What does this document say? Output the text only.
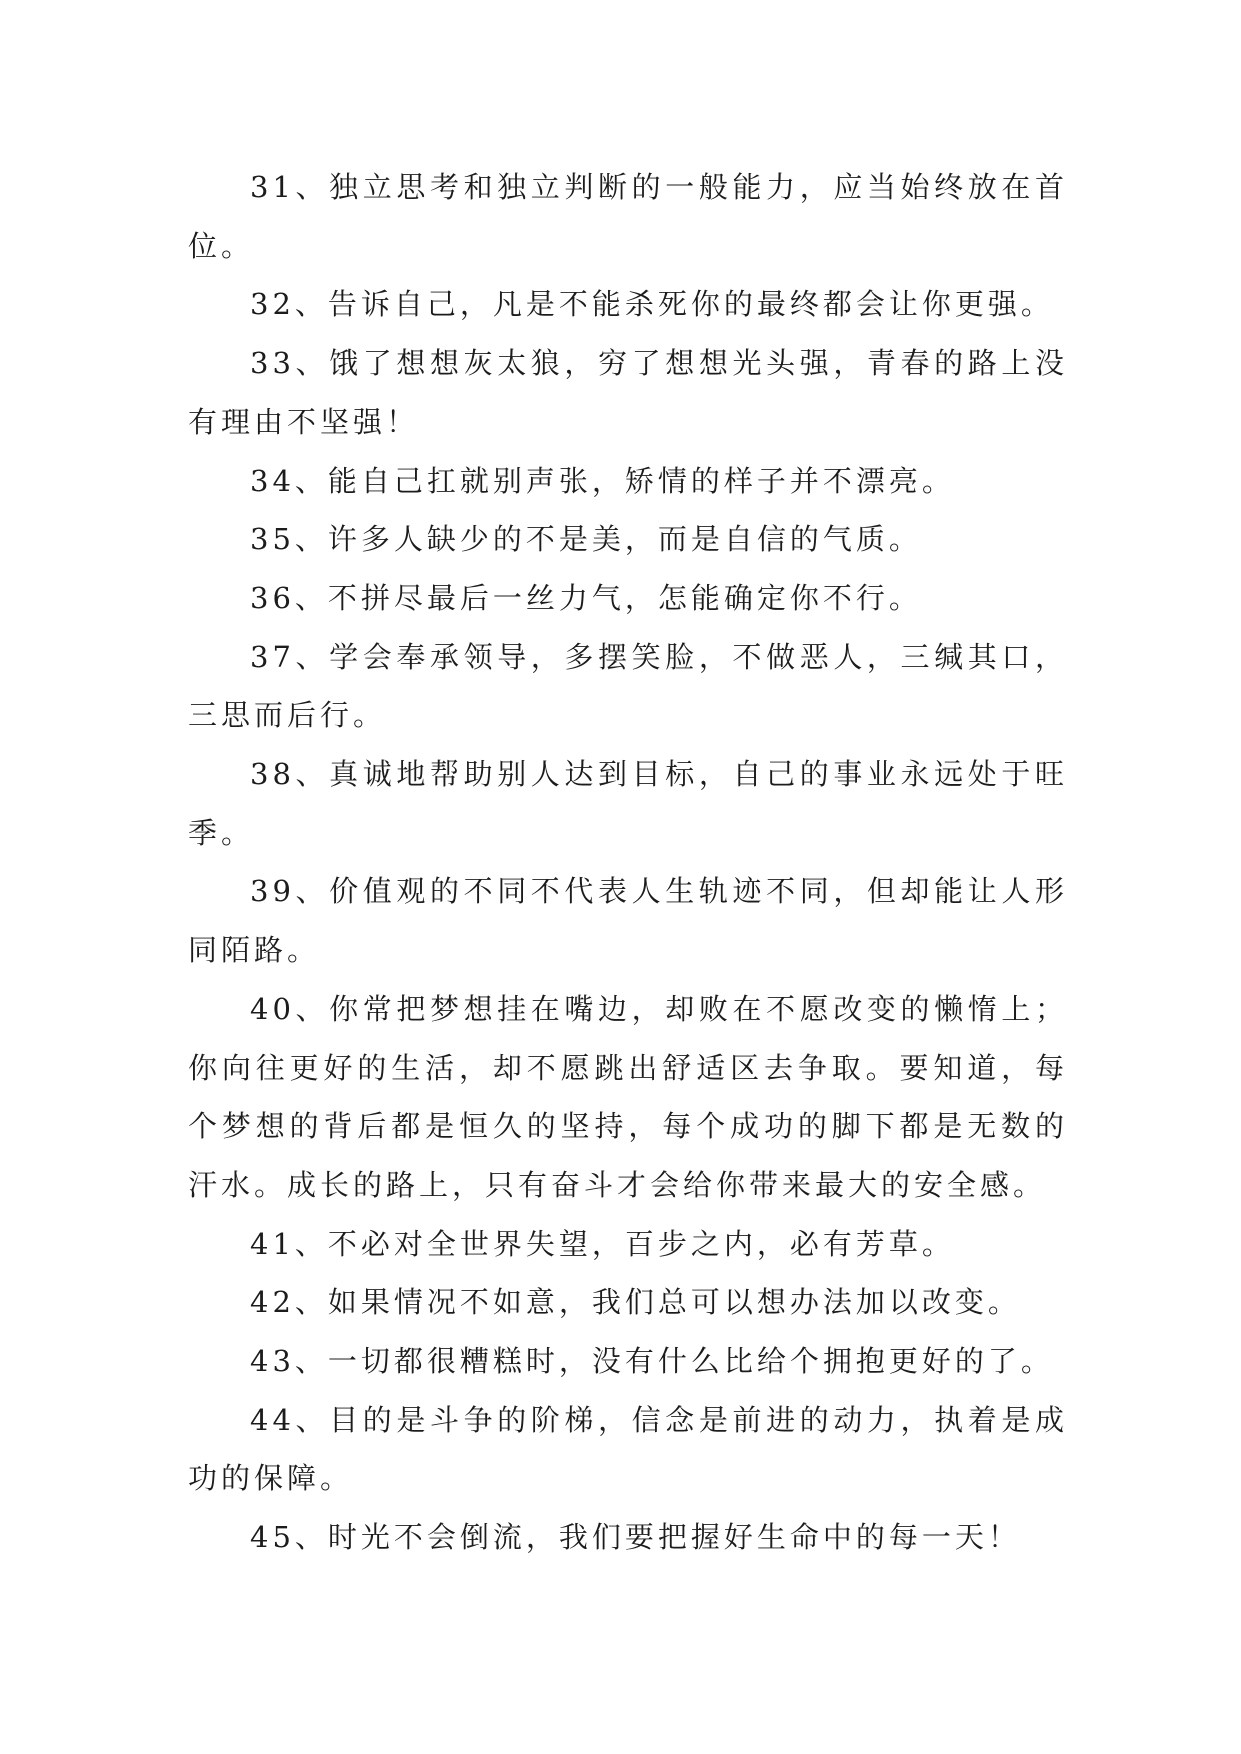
31、独立思考和独立判断的一般能力，应当始终放在首位。

32、告诉自己，凡是不能杀死你的最终都会让你更强。

33、饿了想想灰太狼，穷了想想光头强，青春的路上没有理由不坚强！

34、能自己扛就别声张，矫情的样子并不漂亮。

35、许多人缺少的不是美，而是自信的气质。

36、不拼尽最后一丝力气，怎能确定你不行。

37、学会奉承领导，多摆笑脸，不做恶人，三缄其口，三思而后行。

38、真诚地帮助别人达到目标，自己的事业永远处于旺季。

39、价值观的不同不代表人生轨迹不同，但却能让人形同陌路。

40、你常把梦想挂在嘴边，却败在不愿改变的懒惰上；你向往更好的生活，却不愿跳出舒适区去争取。要知道，每个梦想的背后都是恒久的坚持，每个成功的脚下都是无数的汗水。成长的路上，只有奋斗才会给你带来最大的安全感。

41、不必对全世界失望，百步之内，必有芳草。

42、如果情况不如意，我们总可以想办法加以改变。

43、一切都很糟糕时，没有什么比给个拥抱更好的了。

44、目的是斗争的阶梯，信念是前进的动力，执着是成功的保障。

45、时光不会倒流，我们要把握好生命中的每一天！
